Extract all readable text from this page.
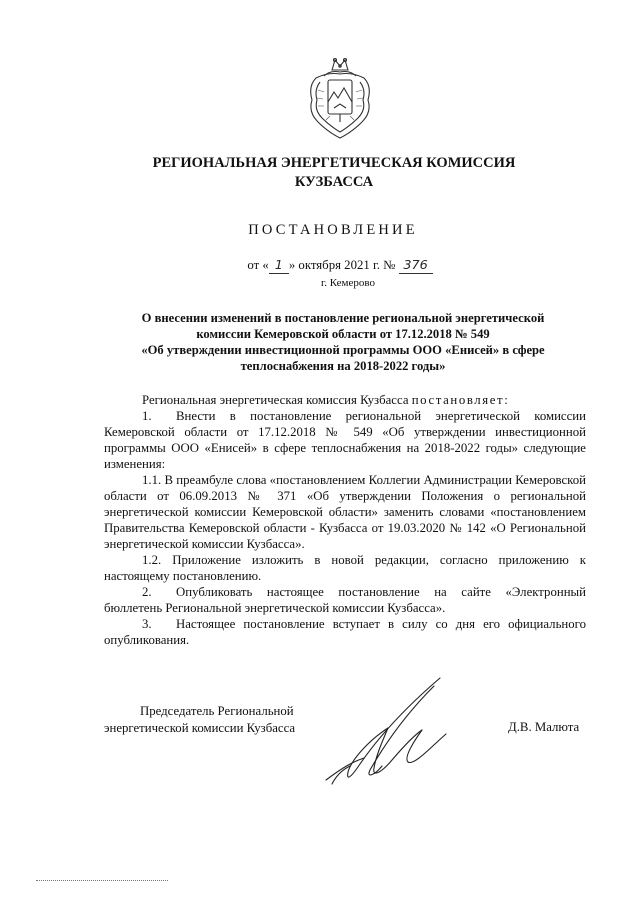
РЕГИОНАЛЬНАЯ ЭНЕРГЕТИЧЕСКАЯ КОМИССИЯ
КУЗБАССА
ПОСТАНОВЛЕНИЕ
от « 1 » октября 2021 г. № 376
г. Кемерово
О внесении изменений в постановление региональной энергетической
комиссии Кемеровской области от 17.12.2018 № 549
«Об утверждении инвестиционной программы ООО «Енисей» в сфере
теплоснабжения на 2018-2022 годы»

Региональная энергетическая комиссия Кузбасса постановляет:

1. Внести в постановление региональной энергетической комиссии Кемеровской области от 17.12.2018 № 549 «Об утверждении инвестиционной программы ООО «Енисей» в сфере теплоснабжения на 2018-2022 годы» следующие изменения:

1.1. В преамбуле слова «постановлением Коллегии Администрации Кемеровской области от 06.09.2013 № 371 «Об утверждении Положения о региональной энергетической комиссии Кемеровской области» заменить словами «постановлением Правительства Кемеровской области - Кузбасса от 19.03.2020 № 142 «О Региональной энергетической комиссии Кузбасса».

1.2. Приложение изложить в новой редакции, согласно приложению к настоящему постановлению.

2. Опубликовать настоящее постановление на сайте «Электронный бюллетень Региональной энергетической комиссии Кузбасса».

3. Настоящее постановление вступает в силу со дня его официального опубликования.

Председатель Региональной

энергетической комиссии Кузбасса	Д.В. Малюта
